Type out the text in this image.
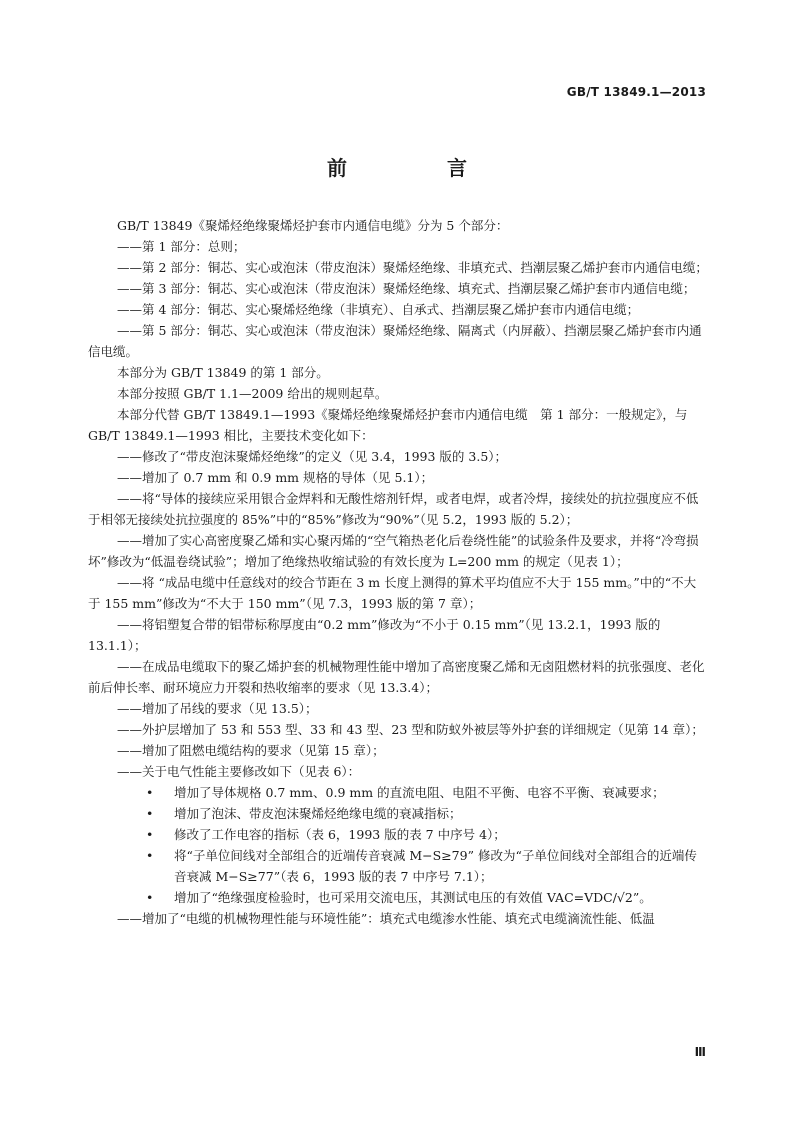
GB/T 13849.1—2013
前　言

GB/T 13849《聚烯烃绝缘聚烯烃护套市内通信电缆》分为 5 个部分：

——第 1 部分：总则；

——第 2 部分：铜芯、实心或泡沫（带皮泡沫）聚烯烃绝缘、非填充式、挡潮层聚乙烯护套市内通信电缆；

——第 3 部分：铜芯、实心或泡沫（带皮泡沫）聚烯烃绝缘、填充式、挡潮层聚乙烯护套市内通信电缆；

——第 4 部分：铜芯、实心聚烯烃绝缘（非填充）、自承式、挡潮层聚乙烯护套市内通信电缆；

——第 5 部分：铜芯、实心或泡沫（带皮泡沫）聚烯烃绝缘、隔离式（内屏蔽）、挡潮层聚乙烯护套市内通信电缆。

本部分为 GB/T 13849 的第 1 部分。

本部分按照 GB/T 1.1—2009 给出的规则起草。

本部分代替 GB/T 13849.1—1993《聚烯烃绝缘聚烯烃护套市内通信电缆　第 1 部分：一般规定》，与 GB/T 13849.1—1993 相比，主要技术变化如下：

——修改了“带皮泡沫聚烯烃绝缘”的定义（见 3.4，1993 版的 3.5）；

——增加了 0.7 mm 和 0.9 mm 规格的导体（见 5.1）；

——将“导体的接续应采用银合金焊料和无酸性熔剂钎焊，或者电焊，或者冷焊，接续处的抗拉强度应不低于相邻无接续处抗拉强度的 85%”中的“85%”修改为“90%”（见 5.2，1993 版的 5.2）；

——增加了实心高密度聚乙烯和实心聚丙烯的“空气箱热老化后卷绕性能”的试验条件及要求，并将“冷弯损坏”修改为“低温卷绕试验”；增加了绝缘热收缩试验的有效长度为 L=200 mm 的规定（见表 1）；

——将 “成品电缆中任意线对的绞合节距在 3 m 长度上测得的算术平均值应不大于 155 mm。”中的“不大于 155 mm”修改为“不大于 150 mm”（见 7.3，1993 版的第 7 章）；

——将铝塑复合带的铝带标称厚度由“0.2 mm”修改为“不小于 0.15 mm”（见 13.2.1，1993 版的 13.1.1）；

——在成品电缆取下的聚乙烯护套的机械物理性能中增加了高密度聚乙烯和无卤阻燃材料的抗张强度、老化前后伸长率、耐环境应力开裂和热收缩率的要求（见 13.3.4）；

——增加了吊线的要求（见 13.5）；

——外护层增加了 53 和 553 型、33 和 43 型、23 型和防蚁外被层等外护套的详细规定（见第 14 章）；

——增加了阻燃电缆结构的要求（见第 15 章）；

——关于电气性能主要修改如下（见表 6）：

• 增加了导体规格 0.7 mm、0.9 mm 的直流电阻、电阻不平衡、电容不平衡、衰减要求；
• 增加了泡沫、带皮泡沫聚烯烃绝缘电缆的衰减指标；
• 修改了工作电容的指标（表 6，1993 版的表 7 中序号 4）；
• 将“子单位间线对全部组合的近端传音衰减 M−S≥79” 修改为“子单位间线对全部组合的近端传音衰减 M−S≥77”（表 6，1993 版的表 7 中序号 7.1）；
• 增加了“绝缘强度检验时，也可采用交流电压，其测试电压的有效值 VAC=VDC/√2”。

——增加了“电缆的机械物理性能与环境性能”：填充式电缆渗水性能、填充式电缆滴流性能、低温

Ⅲ
